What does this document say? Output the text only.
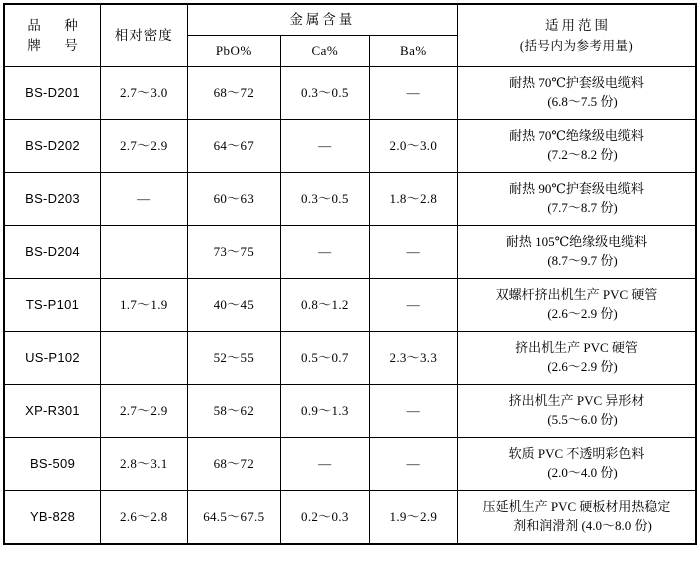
品 种
牌 号	相对密度	金属含量			适用范围
(括号内为参考用量)

		PbO%	Ca%	Ba%	
BS-D201	2.7～3.0	68～72	0.3～0.5	—	耐热 70℃护套级电缆料
(6.8～7.5 份)

BS-D202	2.7～2.9	64～67	—	2.0～3.0	耐热 70℃绝缘级电缆料
(7.2～8.2 份)

BS-D203	—	60～63	0.3～0.5	1.8～2.8	耐热 90℃护套级电缆料
(7.7～8.7 份)

BS-D204		73～75	—	—	耐热 105℃绝缘级电缆料
(8.7～9.7 份)

TS-P101	1.7～1.9	40～45	0.8～1.2	—	双螺杆挤出机生产 PVC 硬管
(2.6～2.9 份)

US-P102		52～55	0.5～0.7	2.3～3.3	挤出机生产 PVC 硬管
(2.6～2.9 份)

XP-R301	2.7～2.9	58～62	0.9～1.3	—	挤出机生产 PVC 异形材
(5.5～6.0 份)

BS-509	2.8～3.1	68～72	—	—	软质 PVC 不透明彩色料
(2.0～4.0 份)

YB-828	2.6～2.8	64.5～67.5	0.2～0.3	1.9～2.9	压延机生产 PVC 硬板材用热稳定
剂和润滑剂 (4.0～8.0 份)
